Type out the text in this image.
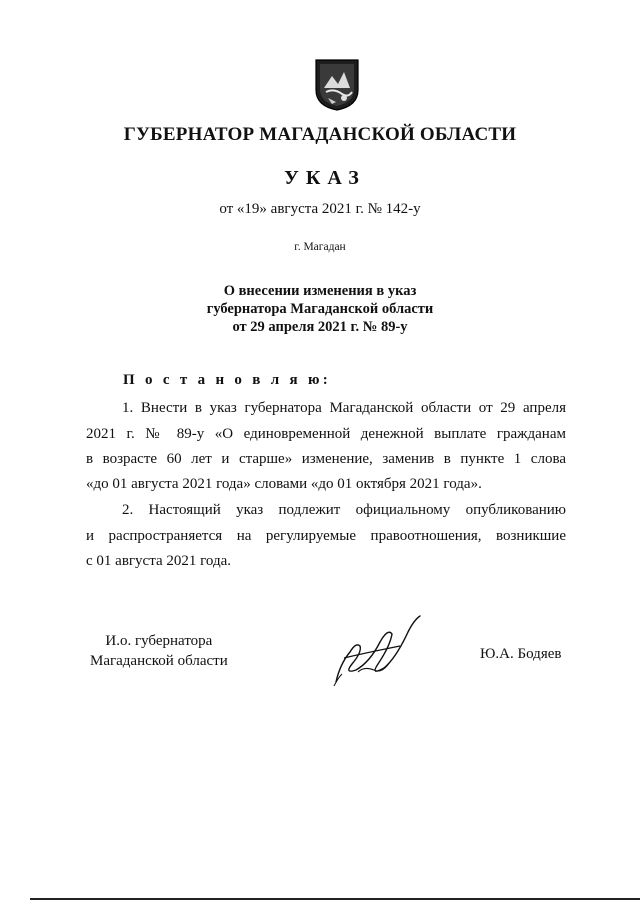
ГУБЕРНАТОР МАГАДАНСКОЙ ОБЛАСТИ
УКАЗ
от «19» августа 2021 г. № 142-у
г. Магадан
О внесении изменения в указ
губернатора Магаданской области
от 29 апреля 2021 г. № 89-у
П о с т а н о в л я ю:
1. Внести в указ губернатора Магаданской области от 29 апреля
2021 г. № 89-у «О единовременной денежной выплате гражданам
в возрасте 60 лет и старше» изменение, заменив в пункте 1 слова
«до 01 августа 2021 года» словами «до 01 октября 2021 года».
2. Настоящий указ подлежит официальному опубликованию
и распространяется на регулируемые правоотношения, возникшие
с 01 августа 2021 года.
И.о. губернатора
Магаданской области	Ю.А. Бодяев
